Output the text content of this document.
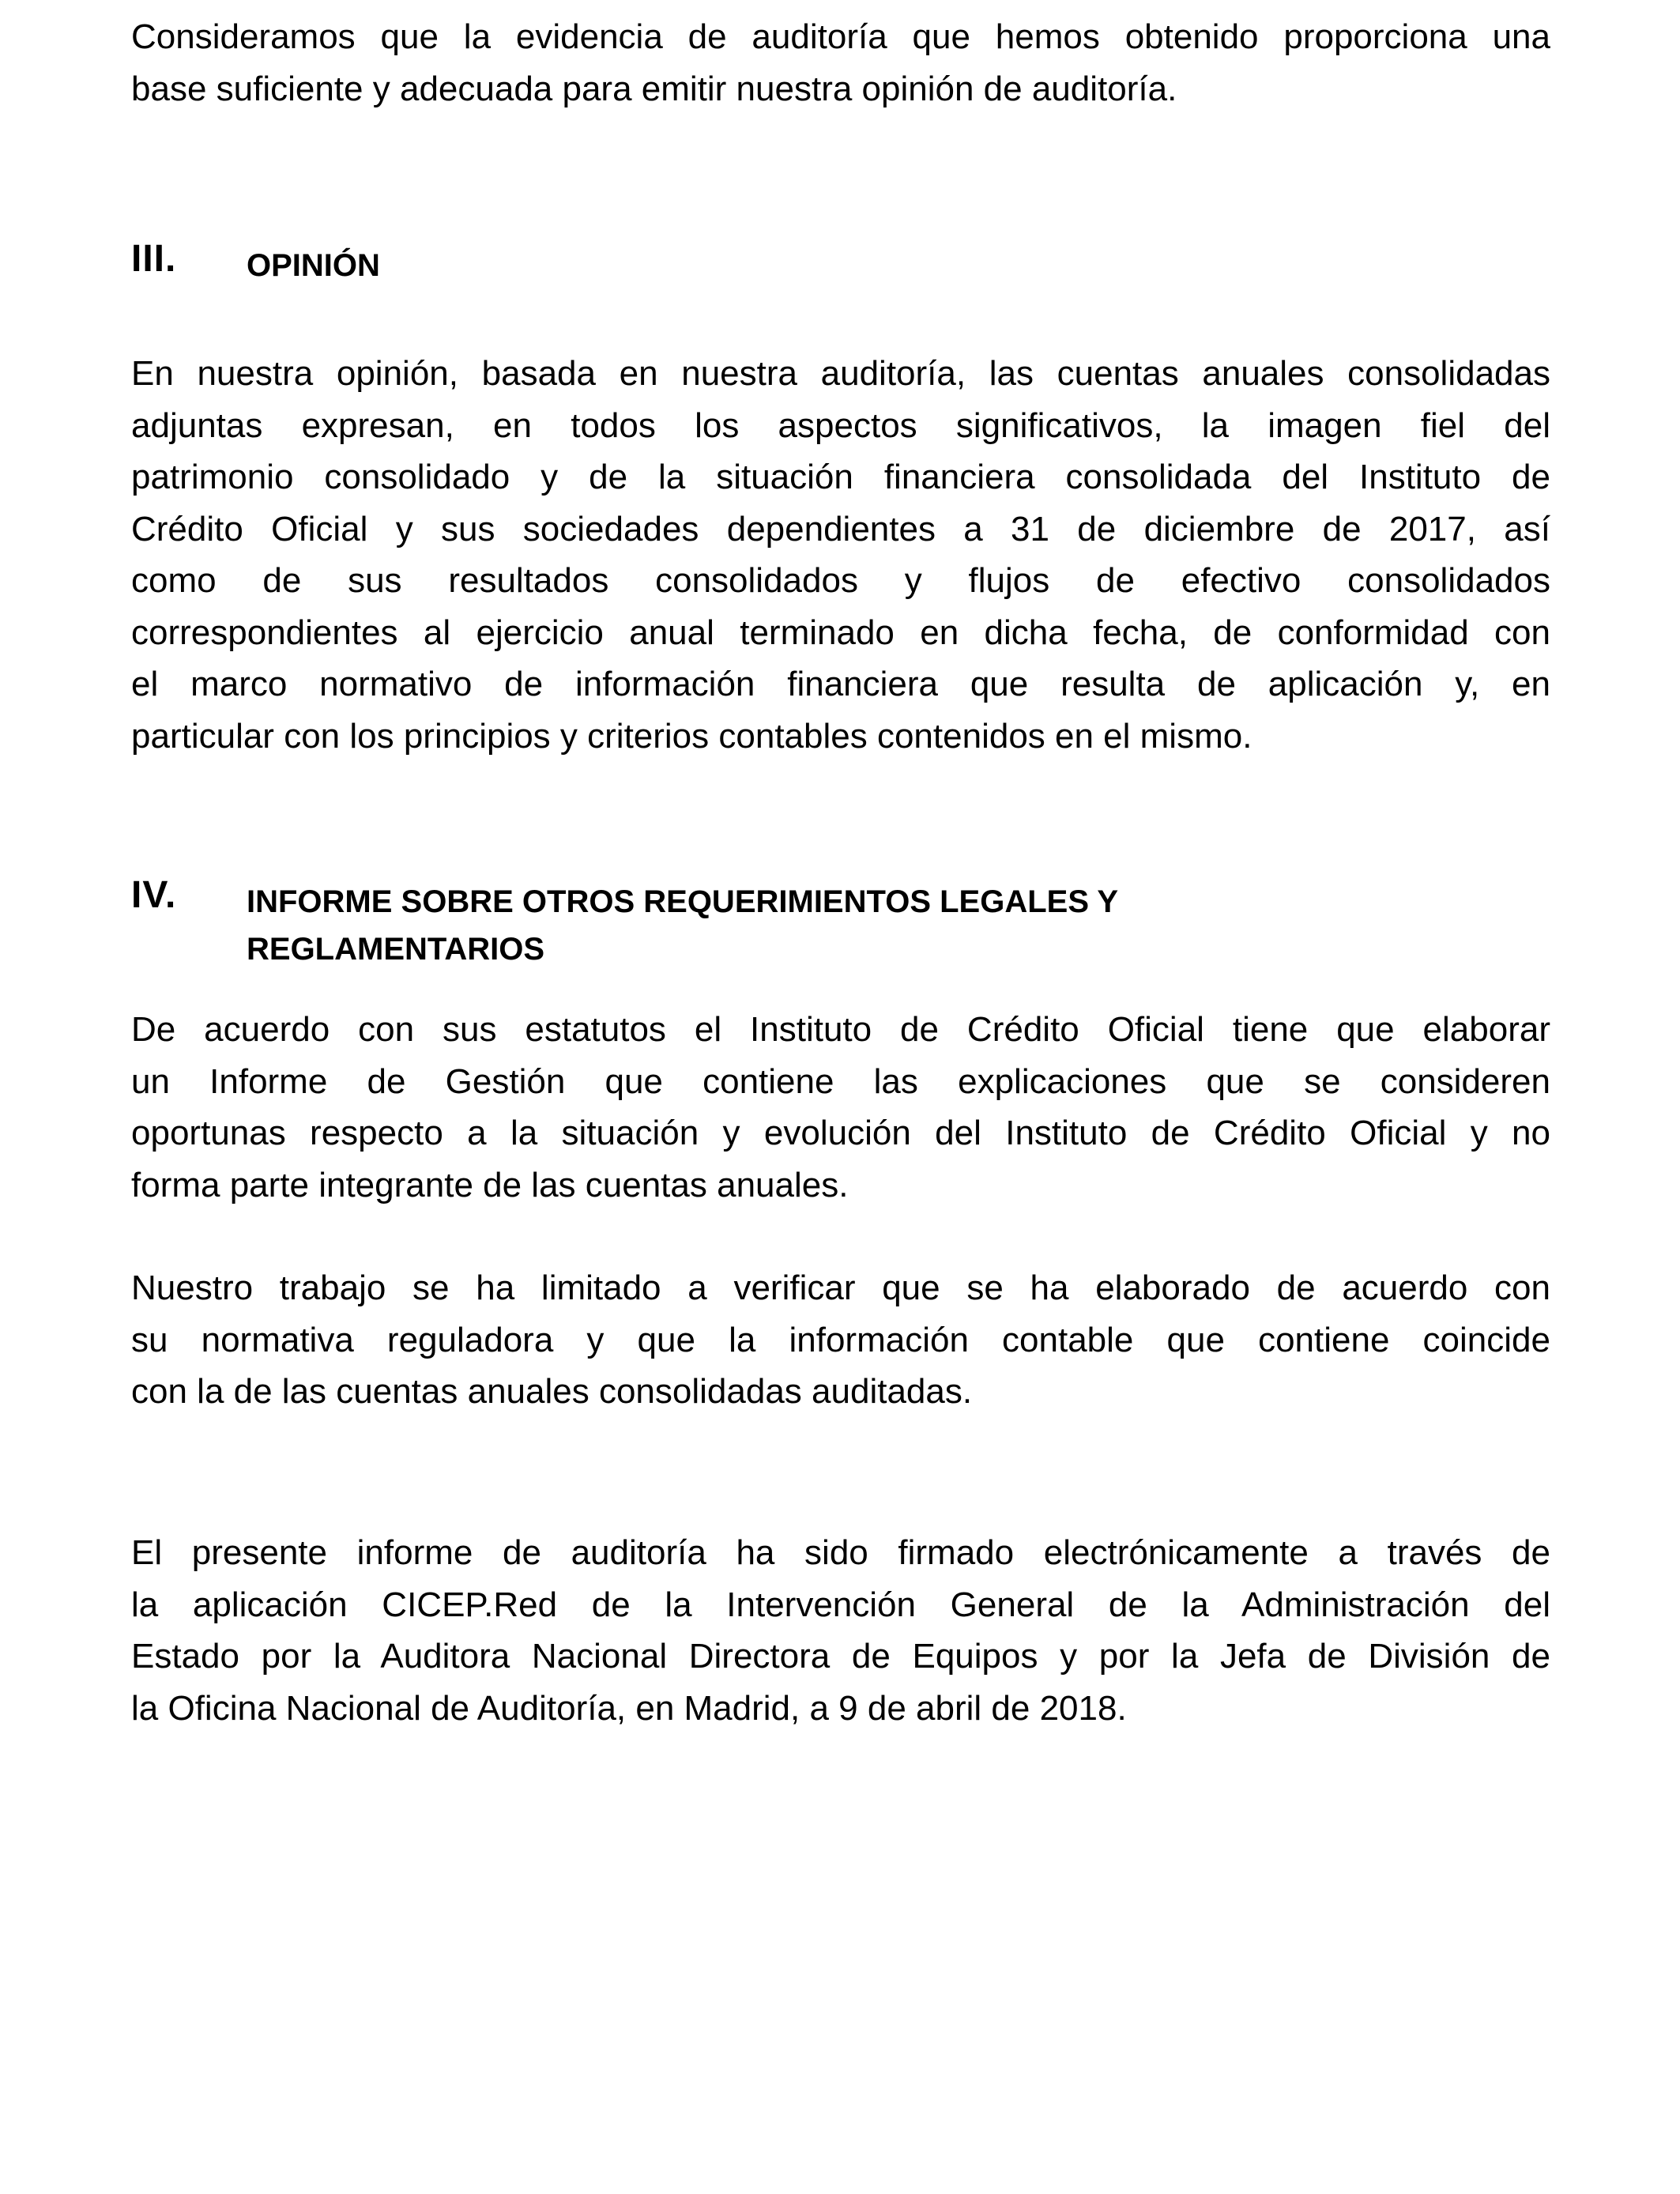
Consideramos que la evidencia de auditoría que hemos obtenido proporciona una
base suficiente y adecuada para emitir nuestra opinión de auditoría.
III. OPINIÓN
En nuestra opinión, basada en nuestra auditoría, las cuentas anuales consolidadas
adjuntas expresan, en todos los aspectos significativos, la imagen fiel del
patrimonio consolidado y de la situación financiera consolidada del Instituto de
Crédito Oficial y sus sociedades dependientes a 31 de diciembre de 2017, así
como de sus resultados consolidados y flujos de efectivo consolidados
correspondientes al ejercicio anual terminado en dicha fecha, de conformidad con
el marco normativo de información financiera que resulta de aplicación y, en
particular con los principios y criterios contables contenidos en el mismo.
IV. INFORME SOBRE OTROS REQUERIMIENTOS LEGALES Y
REGLAMENTARIOS
De acuerdo con sus estatutos el Instituto de Crédito Oficial tiene que elaborar
un Informe de Gestión que contiene las explicaciones que se consideren
oportunas respecto a la situación y evolución del Instituto de Crédito Oficial y no
forma parte integrante de las cuentas anuales.
Nuestro trabajo se ha limitado a verificar que se ha elaborado de acuerdo con
su normativa reguladora y que la información contable que contiene coincide
con la de las cuentas anuales consolidadas auditadas.
El presente informe de auditoría ha sido firmado electrónicamente a través de
la aplicación CICEP.Red de la Intervención General de la Administración del
Estado por la Auditora Nacional Directora de Equipos y por la Jefa de División de
la Oficina Nacional de Auditoría, en Madrid, a 9 de abril de 2018.
